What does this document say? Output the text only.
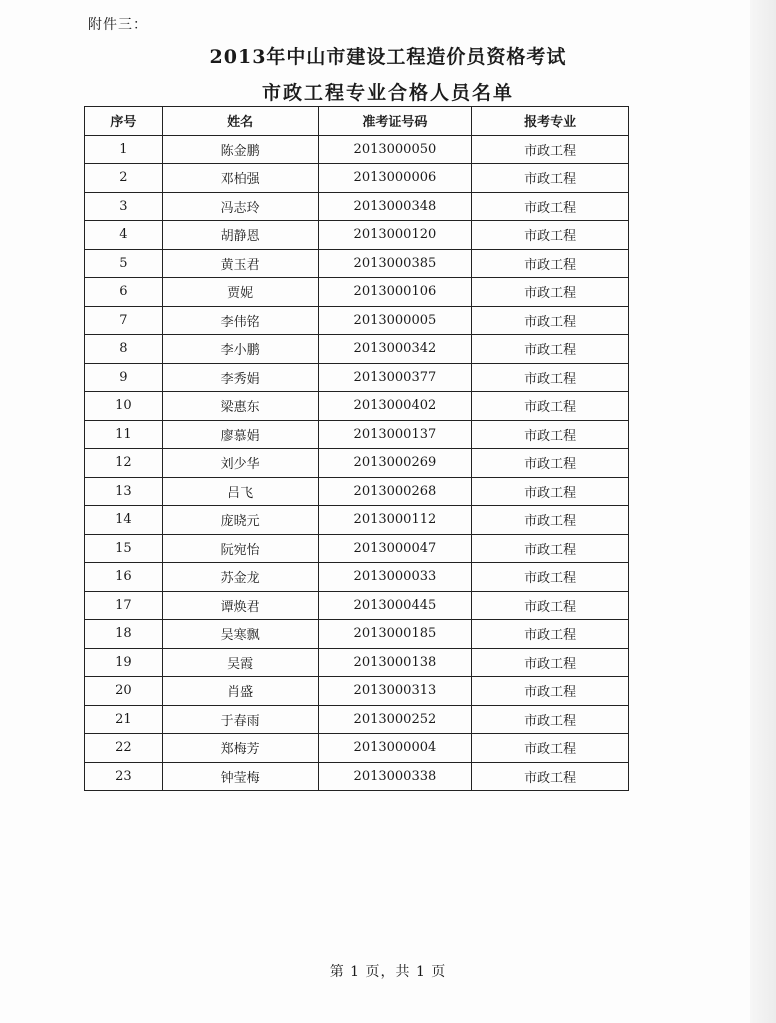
附件三：
2013年中山市建设工程造价员资格考试
市政工程专业合格人员名单
序号	姓名	准考证号码	报考专业
1	陈金鹏	2013000050	市政工程
2	邓柏强	2013000006	市政工程
3	冯志玲	2013000348	市政工程
4	胡静恩	2013000120	市政工程
5	黄玉君	2013000385	市政工程
6	贾妮	2013000106	市政工程
7	李伟铭	2013000005	市政工程
8	李小鹏	2013000342	市政工程
9	李秀娟	2013000377	市政工程
10	梁惠东	2013000402	市政工程
11	廖慕娟	2013000137	市政工程
12	刘少华	2013000269	市政工程
13	吕飞	2013000268	市政工程
14	庞晓元	2013000112	市政工程
15	阮宛怡	2013000047	市政工程
16	苏金龙	2013000033	市政工程
17	谭焕君	2013000445	市政工程
18	吴寒飘	2013000185	市政工程
19	吴霞	2013000138	市政工程
20	肖盛	2013000313	市政工程
21	于春雨	2013000252	市政工程
22	郑梅芳	2013000004	市政工程
23	钟莹梅	2013000338	市政工程
第 1 页，共 1 页
